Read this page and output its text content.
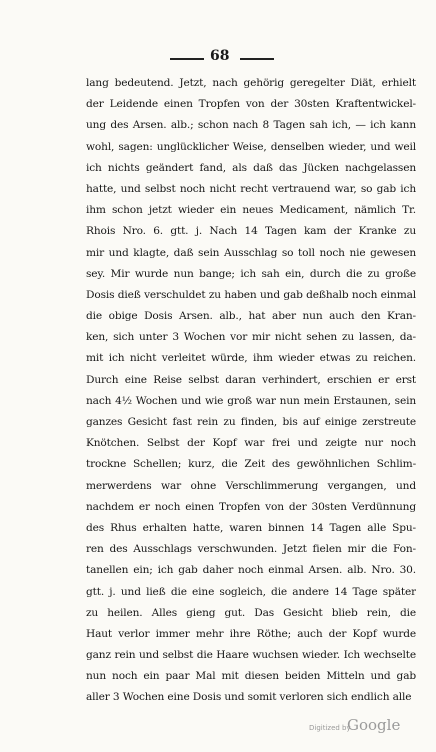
68
lang bedeutend. Jetzt, nach gehörig geregelter Diät, erhielt
der Leidende einen Tropfen von der 30sten Kraftentwickel-
ung des Arsen. alb.; schon nach 8 Tagen sah ich, — ich kann
wohl, sagen: unglücklicher Weise, denselben wieder, und weil
ich nichts geändert fand, als daß das Jücken nachgelassen
hatte, und selbst noch nicht recht vertrauend war, so gab ich
ihm schon jetzt wieder ein neues Medicament, nämlich Tr.
Rhois Nro. 6. gtt. j. Nach 14 Tagen kam der Kranke zu
mir und klagte, daß sein Ausschlag so toll noch nie gewesen
sey. Mir wurde nun bange; ich sah ein, durch die zu große
Dosis dieß verschuldet zu haben und gab deßhalb noch einmal
die obige Dosis Arsen. alb., hat aber nun auch den Kran-
ken, sich unter 3 Wochen vor mir nicht sehen zu lassen, da-
mit ich nicht verleitet würde, ihm wieder etwas zu reichen.
Durch eine Reise selbst daran verhindert, erschien er erst
nach 4½ Wochen und wie groß war nun mein Erstaunen, sein
ganzes Gesicht fast rein zu finden, bis auf einige zerstreute
Knötchen. Selbst der Kopf war frei und zeigte nur noch
trockne Schellen; kurz, die Zeit des gewöhnlichen Schlim-
merwerdens war ohne Verschlimmerung vergangen, und
nachdem er noch einen Tropfen von der 30sten Verdünnung
des Rhus erhalten hatte, waren binnen 14 Tagen alle Spu-
ren des Ausschlags verschwunden. Jetzt fielen mir die Fon-
tanellen ein; ich gab daher noch einmal Arsen. alb. Nro. 30.
gtt. j. und ließ die eine sogleich, die andere 14 Tage später
zu heilen. Alles gieng gut. Das Gesicht blieb rein, die
Haut verlor immer mehr ihre Röthe; auch der Kopf wurde
ganz rein und selbst die Haare wuchsen wieder. Ich wechselte
nun noch ein paar Mal mit diesen beiden Mitteln und gab
aller 3 Wochen eine Dosis und somit verloren sich endlich alle
Digitized by
Google
